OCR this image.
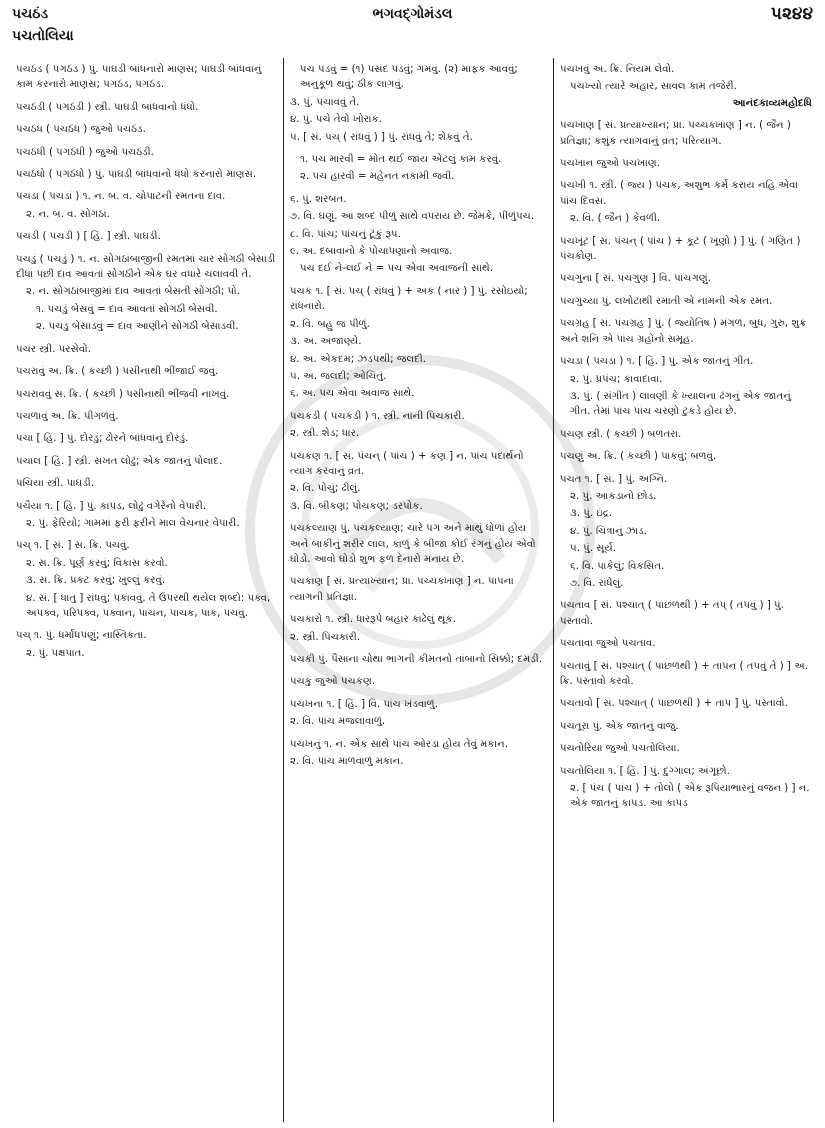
પચઠંડ	ભગવદ્ગોમંડલ	પ૨૪૪
પચતોલિયા
પચઠંડ ( પગઠંડ ) પું. પાઘડી બાંધનારો માણસ; પાઘડી બાંધવાનું કામ કરનારો માણસ; પગઠંડ, પગઠંડ.
પચઠંડી ( પગઠંડી ) સ્ત્રી. પાઘડી બાંધવાનો ધંધો.
પચઠંધ ( પચઠંધ ) જુઓ પચઠંડ.
પચઠંધી ( પગઠંધી ) જુઓ પચઠંડી.
પચઠંધો ( પગઠંધો ) પું. પાઘડી બાંધવાનો ધંધો કરનારો માણસ.
પચડા ( પચડાં ) ૧. ન. બ. વ. ચોપાટની રમતના દાવ.
૨. ન. બ. વ. સોગઠાં.
પચડી ( પચડી ) [ હિં. ] સ્ત્રી. પાઘડી.
પચડું ( પચડું ) ૧. ન. સોગઠાંબાજીની રમતમાં ચાર સોગઠી બેસાડી દીધા પછી દાવ આવતાં સોગઠીને એક ઘર વધારે ચલાવવી તે.
૨. ન. સોગઠાંબાજીમાં દાવ આવતાં બેસતી સોગઠી; પો.
૧. પચડું બેસવું = દાવ આવતાં સોગઠી બેસવી.
૨. પચડું બેસાડવું = દાવ આણીને સોગઠી બેસાડવી.
પચર સ્ત્રી. પરસેવો.
પચરાવું અ. ક્રિ. ( કચ્છી ) પસીનાથી ભીંજાઈ જવું.
પચરાવવું સ. ક્રિ. ( કચ્છી ) પસીનાથી ભીંજવી નાખવું.
પચળાવું અ. ક્રિ. પીગળવું.
પચા [ હિં. ] પું. દોરડું; ઢોરને બાંધવાનું દોરડું.
પચાલ [ હિં. ] સ્ત્રી. સખત લોઢું; એક જાતનું પોલાદ.
પચિયા સ્ત્રી. પાઘડી.
પચૈયા ૧. [ હિં. ] પું. કાપડ, લોઢું વગેરેનો વેપારી.
૨. પું. ફેરિયો; ગામમાં ફરી ફરીને માલ વેચનાર વેપારી.
પચ્ ૧. [ સં. ] સ. ક્રિ. પચવું.
૨. સ. ક્રિ. પૂર્ણ કરવું; વિકાસ કરવો.
૩. સ. ક્રિ. પ્રકટ કરવું; ખુલ્લું કરવું.
૪. સં. [ ધાતુ ] રાંધવું; પકાવવું. તે ઉપરથી થયેલ શબ્દો: પક્વ, અપક્વ, પરિપક્વ, પક્વાન, પાચન, પાચક, પાક, પચવું.
પચ્ ૧. પું. ધર્માંધપણું; નાસ્તિકતા.
૨. પું. પક્ષપાત.
પચ પડવું = (૧) પસંદ પડવું; ગમવું. (૨) માફક આવવું; અનુકૂળ થવું; ઠીક લાગવું.
૩. પું. પચાવવું તે.
૪. પું. પચે તેવો ખોરાક.
૫. [ સં. પચ્ ( રાંધવું ) ] પું. રાંધવું તે; શેકવું તે.
૧. પચ મારવી = મોત થઈ જાય એટલું કામ કરવું.
૨. પચ હારવી = મહેનત નકામી જવી.
૬. પું. શરબત.
૭. વિ. ઘણું. આ શબ્દ પીળું સાથે વપરાય છે. જેમકે, પીળુંપચ.
૮. વિ. પાંચ; પાંચનું ટૂંકું રૂપ.
૯. અ. દબાવાનો કે પોચાપણાનો અવાજ.
પચ દઈ ને-લઈ ને = પચ એવા અવાજની સાથે.
પચક ૧. [ સં. પચ્ ( રાંધવું ) + અક ( નાર ) ] પું. રસોઇયો; રાંધનારો.
૨. વિ. બહુ જ પીળું.
૩. અ. અજાણ્યે.
૪. અ. એકદમ; ઝડપથી; જલદી.
૫. અ. જલદી; ઓચિંતું.
૬. અ. પચ એવા અવાજ સાથે.
પચકડી ( પચકડી ) ૧. સ્ત્રી. નાની પિચકારી.
૨. સ્ત્રી. શેડ; ધાર.
પચકણ ૧. [ સં. પંચન્ ( પાંચ ) + કણ ] ન. પાંચ પદાર્થનો ત્યાગ કરવાનું વ્રત.
૨. વિ. પોચું; ઢીલું.
૩. વિ. બીકણ; પોચકણ; ડરપોક.
પચકલ્યાણ પું. પંચકલ્યાણ; ચારે પગ અને માથું ધોળાં હોય અને બાકીનું શરીર લાલ, કાળું કે બીજા કોઈ રંગનું હોય એવો ઘોડો. આવો ઘોડો શુભ ફળ દેનારો મનાય છે.
પચકાણ [ સં. પ્રત્યાખ્યાન; પ્રા. પચ્ચક્ખાણ ] ન. પાપના ત્યાગની પ્રતિજ્ઞા.
પચકારો ૧. સ્ત્રી. ધારરૂપે બહાર કાઢેલું થૂંક.
૨. સ્ત્રી. પિચકારી.
પચકી પું. પૈસાના ચોથા ભાગની કીમતનો તાંબાનો સિક્કો; દમડી.
પચકું જુઓ પચકણ.
પચખના ૧. [ હિં. ] વિ. પાંચ ખંડવાળું.
૨. વિ. પાંચ મજલાવાળું.
પચખનું ૧. ન. એક સાથે પાંચ ઓરડા હોય તેવું મકાન.
૨. વિ. પાંચ માળવાળું મકાન.
પચખવું અ. ક્રિ. નિયમ લેવો.
પચખ્યો ત્યારે અહાર, સાવલ કામ તજેરી.
આનંદકાવ્યમહોદધિ
પચખાણ [ સં. પ્રત્યાખ્યાન; પ્રા. પચ્ચક્ખાણ ] ન. ( જૈન ) પ્રતિજ્ઞા; કશુંક ત્યાગવાનું વ્રત; પરિત્યાગ.
પચખાન જુઓ પચખાણ.
પચખી ૧. સ્ત્રી. ( જ્ય ) પંચક, અશુભ કર્મ કરાય નહિ એવા પાંચ દિવસ.
૨. વિ. ( જૈન ) કેવળી.
પચખૂંટ [ સં. પંચન્ ( પાંચ ) + કૂટ ( ખૂણો ) ] પું. ( ગણિત ) પંચકોણ.
પચગુના [ સં. પંચગુણ ] વિ. પાંચગણું.
પચગુચ્યા પું. લખોટાથી રમાતી એ નામની એક રમત.
પચગ્રહ [ સં. પંચગ્રહ ] પું. ( જ્યોતિષ ) મંગળ, બુધ, ગુરુ, શુક્ર અને શનિ એ પાંચ ગ્રહોનો સમૂહ.
પચડા ( પચડા ) ૧. [ હિં. ] પું. એક જાતનું ગીત.
૨. પું. પ્રપંચ; કાવાદાવા.
૩. પું. ( સંગીત ) લાવણી કે ખ્યાલના ઢંગનું એક જાતનું ગીત. તેમાં પાંચ પાંચ ચરણો ટુકડે હોય છે.
પચણ સ્ત્રી. ( કચ્છી ) બળતરા.
પચણું અ. ક્રિ. ( કચ્છી ) પાકવું; બળવું.
પચત ૧. [ સં. ] પું. અગ્નિ.
૨. પું. આકડાનો છોડ.
૩. પું. ઇંદ્ર.
૪. પું. ચિત્રાનું ઝાડ.
૫. પું. સૂર્ય.
૬. વિ. પાકેલું; વિકસિત.
૭. વિ. રાંધેલું.
પચતાવ [ સં. પશ્ચાત્ ( પાછળથી ) + તપ્ ( તપવું ) ] પું. પસ્તાવો.
પચતાવા જુઓ પચતાવ.
પચતાવું [ સં. પશ્ચાત્ ( પાછળથી ) + તાપન ( તપવું તે ) ] અ. ક્રિ. પસ્તાવો કરવો.
પચતાવો [ સં. પશ્ચાત્ ( પાછળથી ) + તાપ ] પું. પસ્તાવો.
પચતૂરા પું. એક જાતનું વાજું.
પચતોરિયા જુઓ પચતોલિયા.
પચતોલિયા ૧. [ હિં. ] પું. દુગ્ગાલ; અંગૂછો.
૨. [ પંચ ( પાંચ ) + તોલો ( એક રૂપિયાભારનું વજન ) ] ન. એક જાતનું કાપડ. આ કાપડ
